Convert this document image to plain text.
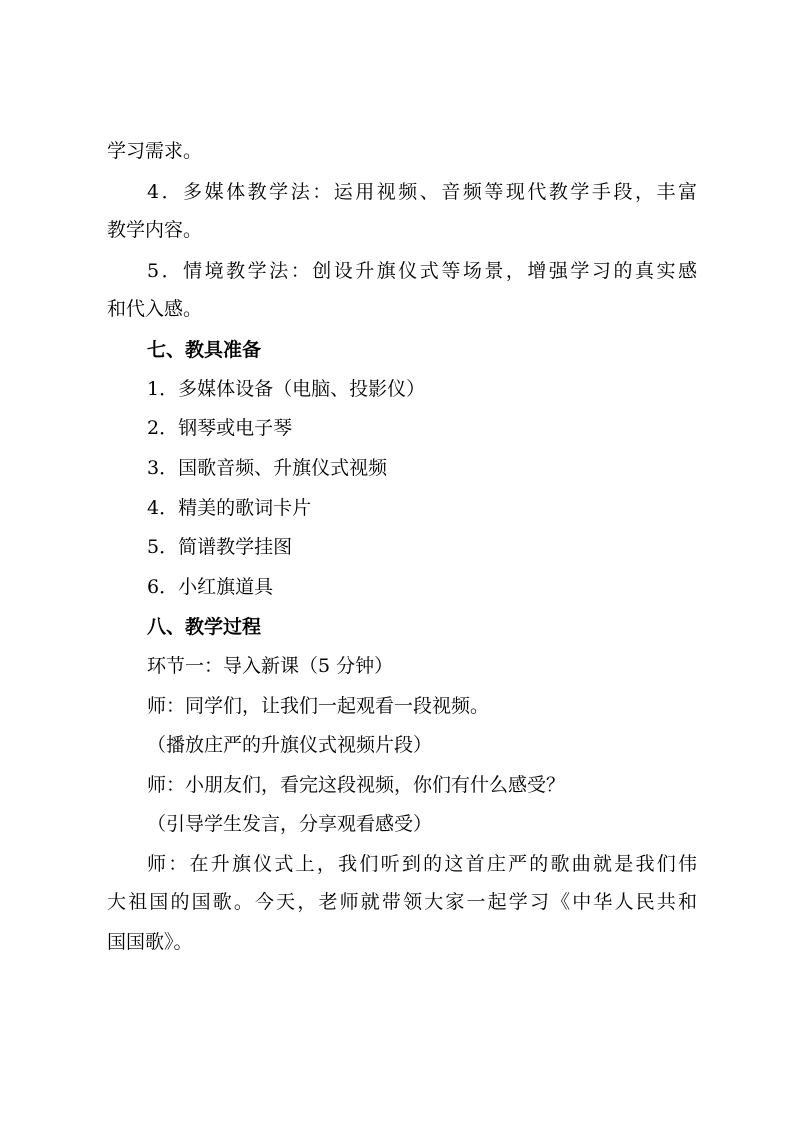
学习需求。
4．多媒体教学法：运用视频、音频等现代教学手段，丰富
教学内容。
5．情境教学法：创设升旗仪式等场景，增强学习的真实感
和代入感。
七、教具准备
1．多媒体设备（电脑、投影仪）
2．钢琴或电子琴
3．国歌音频、升旗仪式视频
4．精美的歌词卡片
5．简谱教学挂图
6．小红旗道具
八、教学过程
环节一：导入新课（5 分钟）
师：同学们，让我们一起观看一段视频。
（播放庄严的升旗仪式视频片段）
师：小朋友们，看完这段视频，你们有什么感受？
（引导学生发言，分享观看感受）
师：在升旗仪式上，我们听到的这首庄严的歌曲就是我们伟
大祖国的国歌。今天，老师就带领大家一起学习《中华人民共和
国国歌》。
